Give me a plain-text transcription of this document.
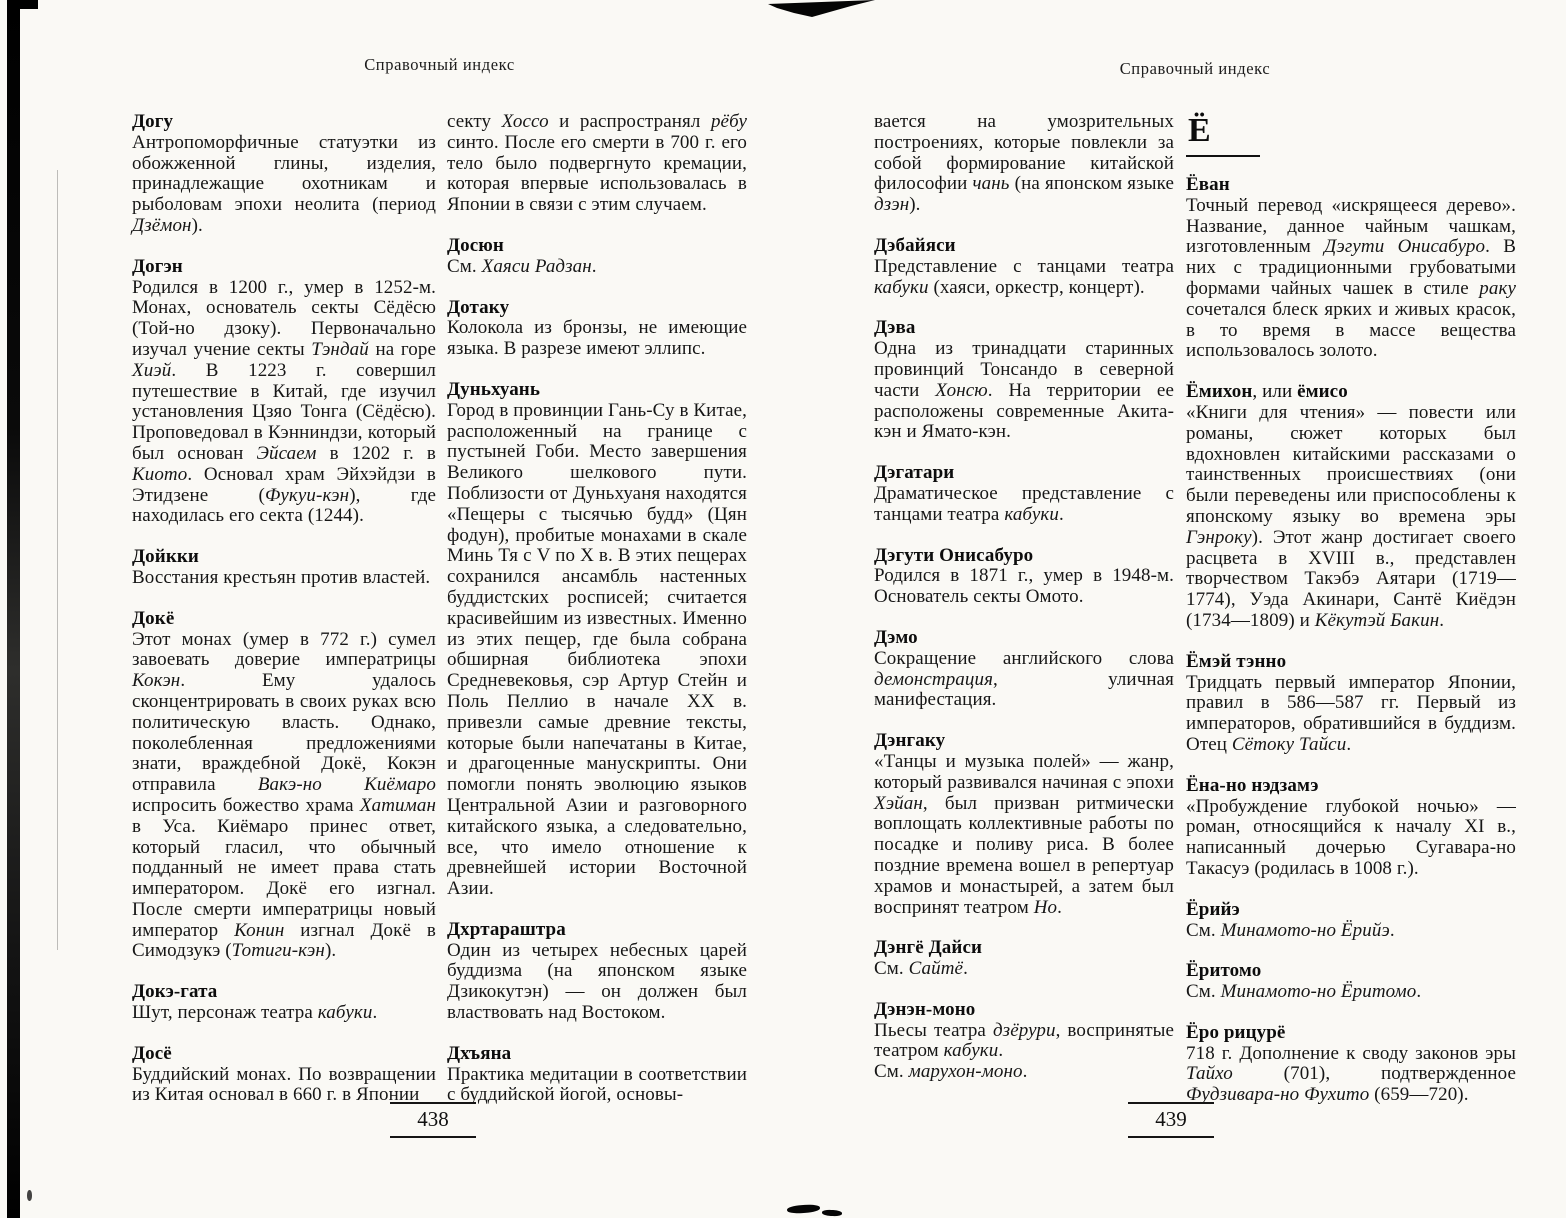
Справочный индекс
Догу
Антропоморфичные статуэтки из обожженной глины, изделия, принадлежащие охотникам и рыболовам эпохи неолита (период Дзёмон).
Догэн
Родился в 1200 г., умер в 1252-м. Монах, основатель секты Сёдёсю (Той-но дзоку). Первоначально изучал учение секты Тэндай на горе Хиэй. В 1223 г. совершил путешествие в Китай, где изучил установления Цзяо Тонга (Сёдёсю). Проповедовал в Кэнниндзи, который был основан Эйсаем в 1202 г. в Киото. Основал храм Эйхэйдзи в Этидзене (Фукуи-кэн), где находилась его секта (1244).
Дойкки
Восстания крестьян против властей.
Докё
Этот монах (умер в 772 г.) сумел завоевать доверие императрицы Кокэн. Ему удалось сконцентрировать в своих руках всю политическую власть. Однако, поколебленная предложениями знати, враждебной Докё, Кокэн отправила Вакэ-но Киёмаро испросить божество храма Хатиман в Уса. Киёмаро принес ответ, который гласил, что обычный подданный не имеет права стать императором. Докё его изгнал. После смерти императрицы новый император Конин изгнал Докё в Симодзукэ (Тотиги-кэн).
Докэ-гата
Шут, персонаж театра кабуки.
Досё
Буддийский монах. По возвращении из Китая основал в 660 г. в Японии
секту Хоссо и распространял рёбу синто. После его смерти в 700 г. его тело было подвергнуто кремации, которая впервые использовалась в Японии в связи с этим случаем.
Досюн
См. Хаяси Радзан.
Дотаку
Колокола из бронзы, не имеющие языка. В разрезе имеют эллипс.
Дуньхуань
Город в провинции Гань-Су в Китае, расположенный на границе с пустыней Гоби. Место завершения Великого шелкового пути. Поблизости от Дуньхуаня находятся «Пещеры с тысячью будд» (Цян фодун), пробитые монахами в скале Минь Тя с V по X в. В этих пещерах сохранился ансамбль настенных буддистских росписей; считается красивейшим из известных. Именно из этих пещер, где была собрана обширная библиотека эпохи Средневековья, сэр Артур Стейн и Поль Пеллио в начале XX в. привезли самые древние тексты, которые были напечатаны в Китае, и драгоценные манускрипты. Они помогли понять эволюцию языков Центральной Азии и разговорного китайского языка, а следовательно, все, что имело отношение к древнейшей истории Восточной Азии.
Дхртараштра
Один из четырех небесных царей буддизма (на японском языке Дзикокутэн) — он должен был властвовать над Востоком.
Дхъяна
Практика медитации в соответствии с буддийской йогой, основы-
438
Справочный индекс
вается на умозрительных построениях, которые повлекли за собой формирование китайской философии чань (на японском языке дзэн).
Дэбайяси
Представление с танцами театра кабуки (хаяси, оркестр, концерт).
Дэва
Одна из тринадцати старинных провинций Тонсандо в северной части Хонсю. На территории ее расположены современные Акита-кэн и Ямато-кэн.
Дэгатари
Драматическое представление с танцами театра кабуки.
Дэгути Онисабуро
Родился в 1871 г., умер в 1948-м. Основатель секты Омото.
Дэмо
Сокращение английского слова демонстрация, уличная манифестация.
Дэнгаку
«Танцы и музыка полей» — жанр, который развивался начиная с эпохи Хэйан, был призван ритмически воплощать коллективные работы по посадке и поливу риса. В более поздние времена вошел в репертуар храмов и монастырей, а затем был воспринят театром Но.
Дэнгё Дайси
См. Сайтё.
Дэнэн-моно
Пьесы театра дзёрури, воспринятые театром кабуки.
См. марухон-моно.
Ё
Ёван
Точный перевод «искрящееся дерево». Название, данное чайным чашкам, изготовленным Дэгути Онисабуро. В них с традиционными грубоватыми формами чайных чашек в стиле раку сочетался блеск ярких и живых красок, в то время в массе вещества использовалось золото.
Ёмихон, или ёмисо
«Книги для чтения» — повести или романы, сюжет которых был вдохновлен китайскими рассказами о таинственных происшествиях (они были переведены или приспособлены к японскому языку во времена эры Гэнроку). Этот жанр достигает своего расцвета в XVIII в., представлен творчеством Такэбэ Аятари (1719—1774), Уэда Акинари, Сантё Киёдэн (1734—1809) и Кёкутэй Бакин.
Ёмэй тэнно
Тридцать первый император Японии, правил в 586—587 гг. Первый из императоров, обратившийся в буддизм. Отец Сётоку Тайси.
Ёна-но нэдзамэ
«Пробуждение глубокой ночью» — роман, относящийся к началу XI в., написанный дочерью Сугавара-но Такасуэ (родилась в 1008 г.).
Ёрийэ
См. Минамото-но Ёрийэ.
Ёритомо
См. Минамото-но Ёритомо.
Ёро рицурё
718 г. Дополнение к своду законов эры Тайхо (701), подтвержденное Фудзивара-но Фухито (659—720).
439
